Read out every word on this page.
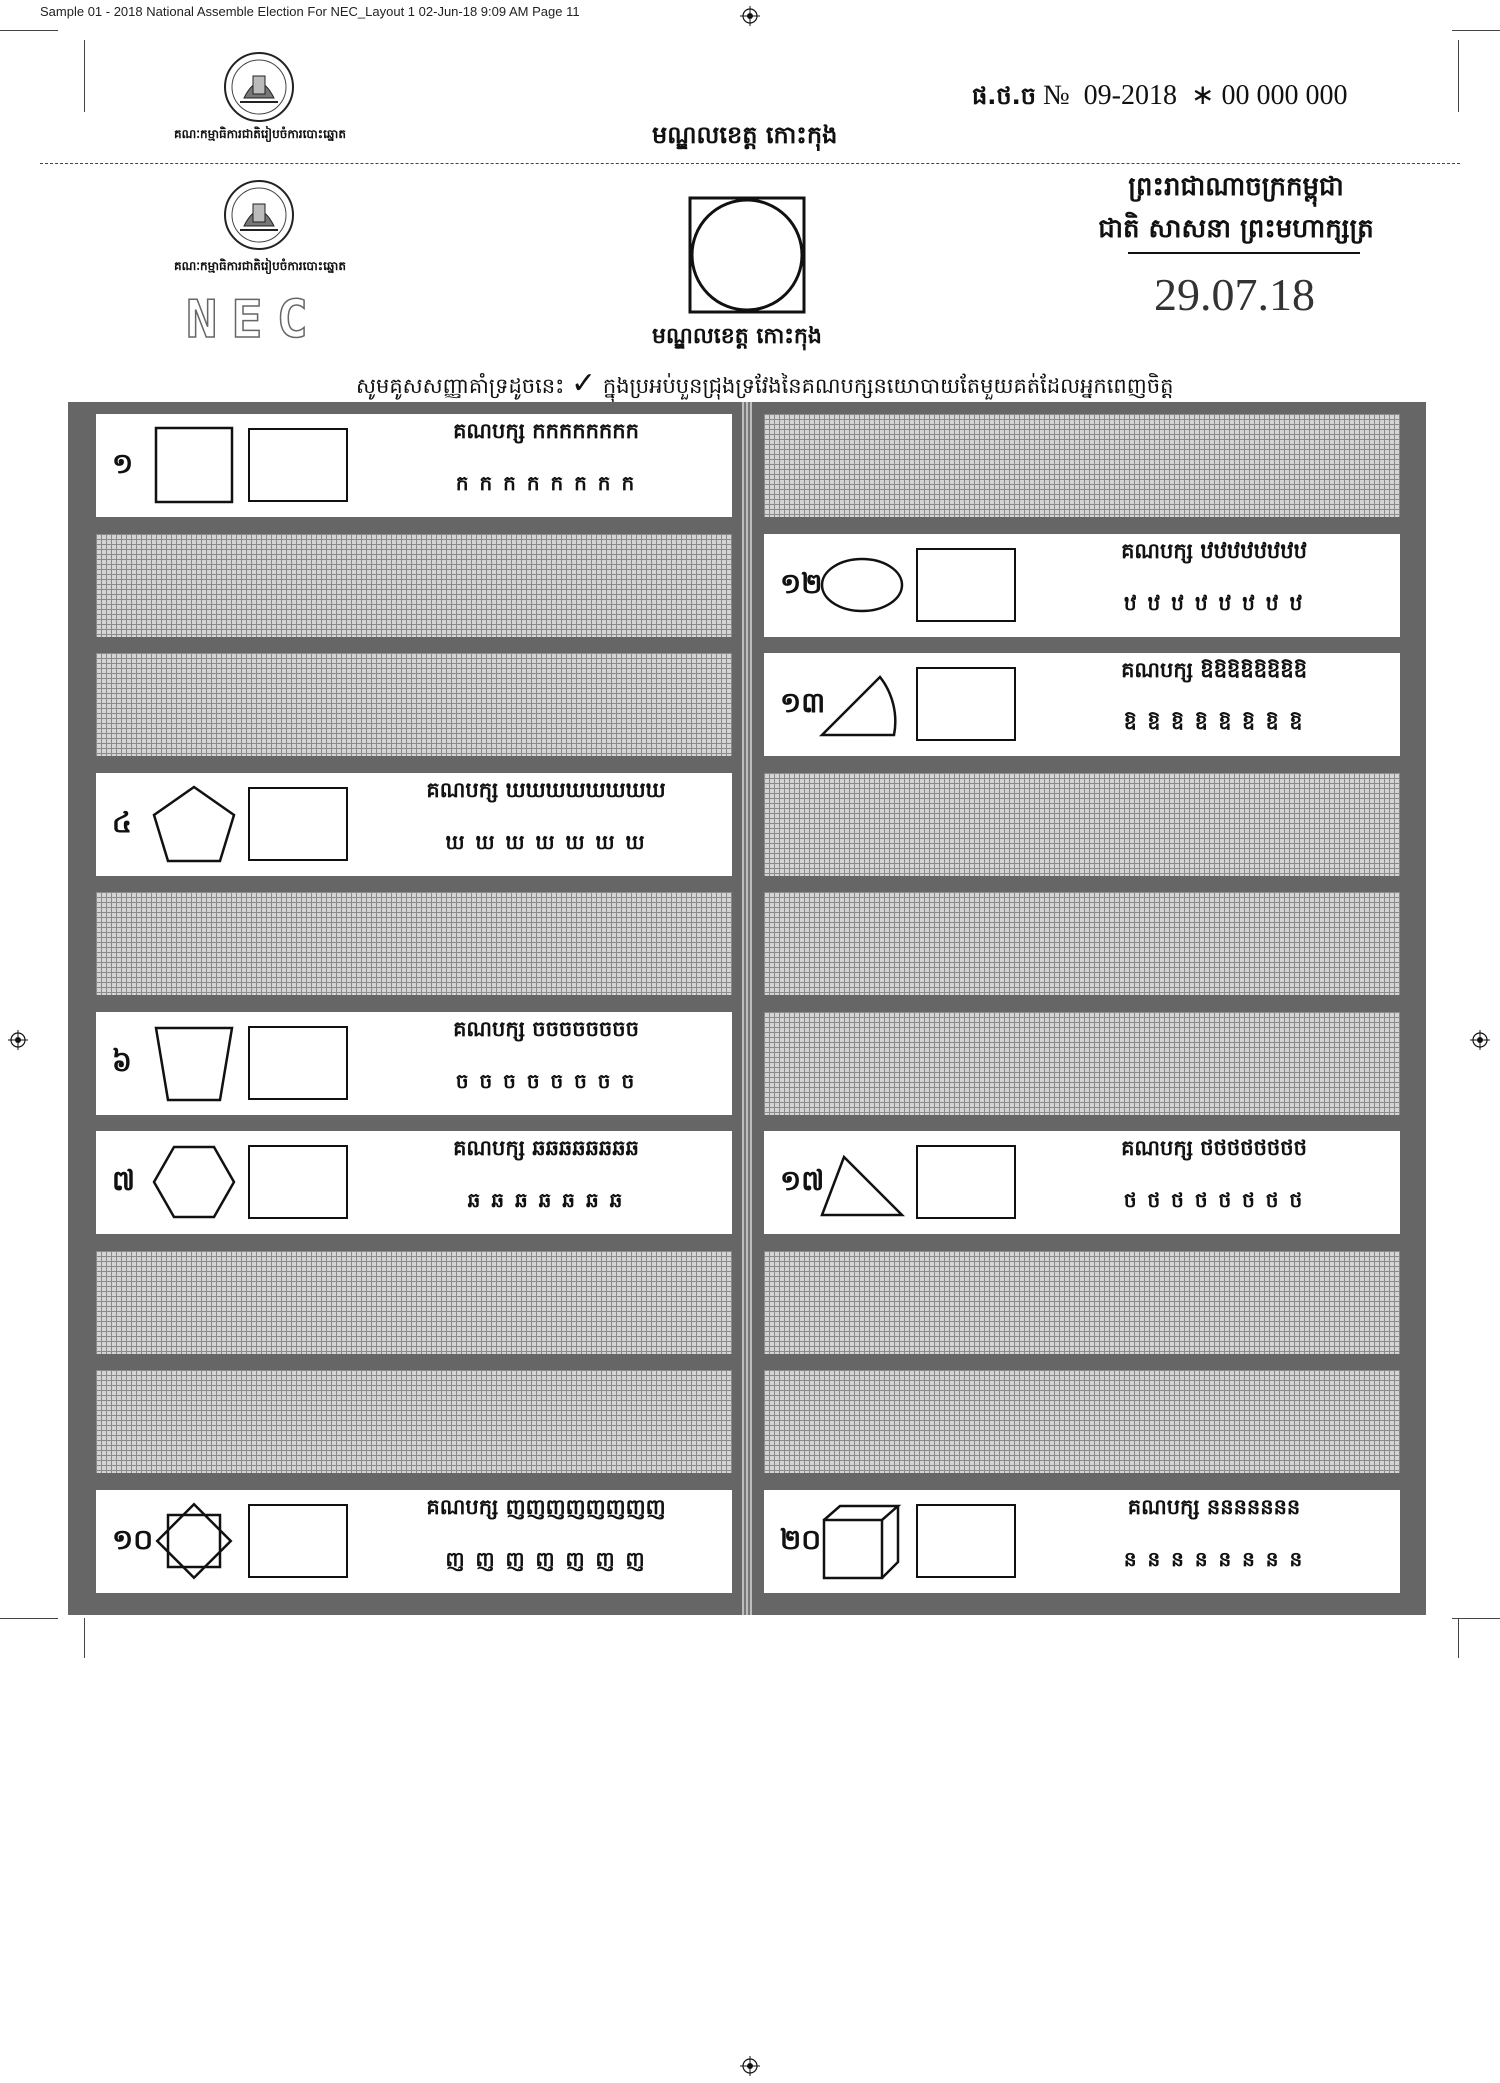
Sample 01 - 2018 National Assemble Election For NEC_Layout 1 02-Jun-18 9:09 AM Page 11
គណៈកម្មាធិការជាតិរៀបចំការបោះឆ្នោត
ផ.ថ.ច № 09-2018 ∗ 00 000 000
មណ្ឌលខេត្ត កោះកុង
គណៈកម្មាធិការជាតិរៀបចំការបោះឆ្នោត
NEC	មណ្ឌលខេត្ត កោះកុង
ព្រះរាជាណាចក្រកម្ពុជា
ជាតិ សាសនា ព្រះមហាក្សត្រ
29.07.18
សូមគូសសញ្ញាគាំទ្រដូចនេះ ✓ ក្នុងប្រអប់បួនជ្រុងទ្រវែងនៃគណបក្សនយោបាយតែមួយគត់ដែលអ្នកពេញចិត្ត
១
គណបក្ស កកកកកកកក
ក ក ក ក ក ក ក ក
៤
គណបក្ស ឃឃឃឃឃឃឃឃ
ឃ ឃ ឃ ឃ ឃ ឃ ឃ
៦
គណបក្ស ចចចចចចចច
ច ច ច ច ច ច ច ច
៧
គណបក្ស ឆឆឆឆឆឆឆឆ
ឆ ឆ ឆ ឆ ឆ ឆ ឆ
១០
គណបក្ស ញញញញញញញញ
ញ ញ ញ ញ ញ ញ ញ
១២
គណបក្ស ឋឋឋឋឋឋឋឋ
ឋ ឋ ឋ ឋ ឋ ឋ ឋ ឋ
១៣
គណបក្ស ឱឱឱឱឱឱឱឱ
ឱ ឱ ឱ ឱ ឱ ឱ ឱ ឱ
១៧
គណបក្ស ថថថថថថថថ
ថ ថ ថ ថ ថ ថ ថ ថ
២០
គណបក្ស ននននននន
ន ន ន ន ន ន ន ន
